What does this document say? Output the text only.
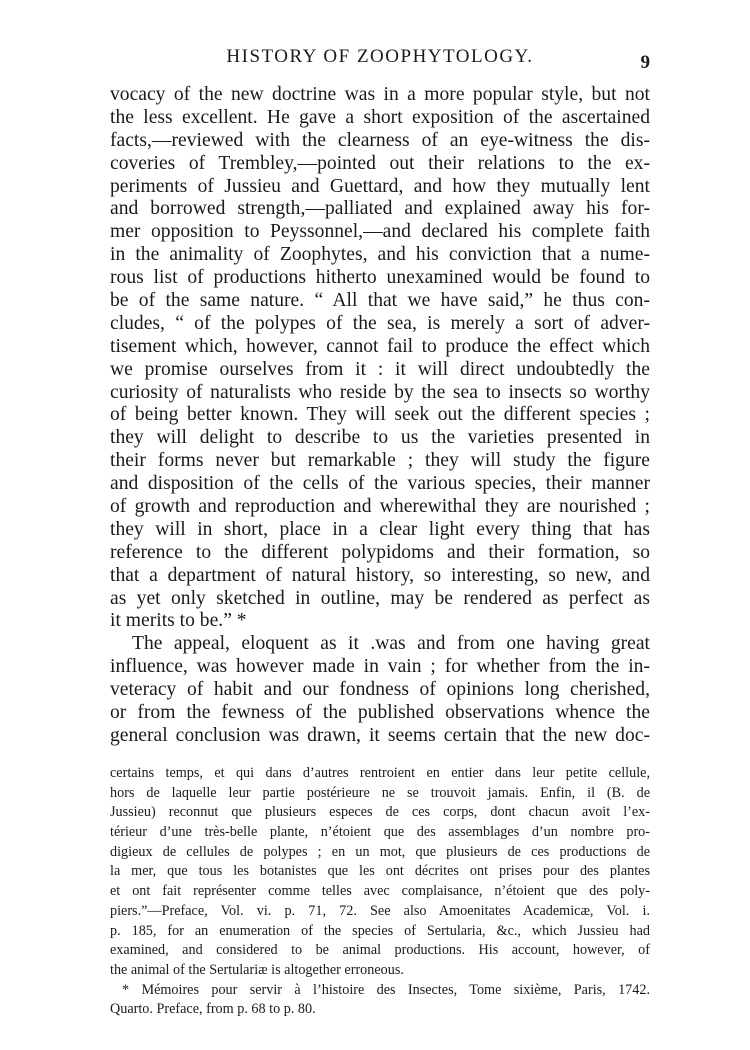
HISTORY OF ZOOPHYTOLOGY.	9
vocacy of the new doctrine was in a more popular style, but not
the less excellent. He gave a short exposition of the ascertained
facts,—reviewed with the clearness of an eye-witness the dis-
coveries of Trembley,—pointed out their relations to the ex-
periments of Jussieu and Guettard, and how they mutually lent
and borrowed strength,—palliated and explained away his for-
mer opposition to Peyssonnel,—and declared his complete faith
in the animality of Zoophytes, and his conviction that a nume-
rous list of productions hitherto unexamined would be found to
be of the same nature. “ All that we have said,” he thus con-
cludes, “ of the polypes of the sea, is merely a sort of adver-
tisement which, however, cannot fail to produce the effect which
we promise ourselves from it : it will direct undoubtedly the
curiosity of naturalists who reside by the sea to insects so worthy
of being better known. They will seek out the different species ;
they will delight to describe to us the varieties presented in
their forms never but remarkable ; they will study the figure
and disposition of the cells of the various species, their manner
of growth and reproduction and wherewithal they are nourished ;
they will in short, place in a clear light every thing that has
reference to the different polypidoms and their formation, so
that a department of natural history, so interesting, so new, and
as yet only sketched in outline, may be rendered as perfect as
it merits to be.” *
The appeal, eloquent as it .was and from one having great
influence, was however made in vain ; for whether from the in-
veteracy of habit and our fondness of opinions long cherished,
or from the fewness of the published observations whence the
general conclusion was drawn, it seems certain that the new doc-
certains temps, et qui dans d’autres rentroient en entier dans leur petite cellule,
hors de laquelle leur partie postérieure ne se trouvoit jamais. Enfin, il (B. de
Jussieu) reconnut que plusieurs especes de ces corps, dont chacun avoit l’ex-
térieur d’une très-belle plante, n’étoient que des assemblages d’un nombre pro-
digieux de cellules de polypes ; en un mot, que plusieurs de ces productions de
la mer, que tous les botanistes que les ont décrites ont prises pour des plantes
et ont fait représenter comme telles avec complaisance, n’étoient que des poly-
piers.”—Preface, Vol. vi. p. 71, 72. See also Amoenitates Academicæ, Vol. i.
p. 185, for an enumeration of the species of Sertularia, &c., which Jussieu had
examined, and considered to be animal productions. His account, however, of
the animal of the Sertulariæ is altogether erroneous.
* Mémoires pour servir à l’histoire des Insectes, Tome sixième, Paris, 1742.
Quarto. Preface, from p. 68 to p. 80.
